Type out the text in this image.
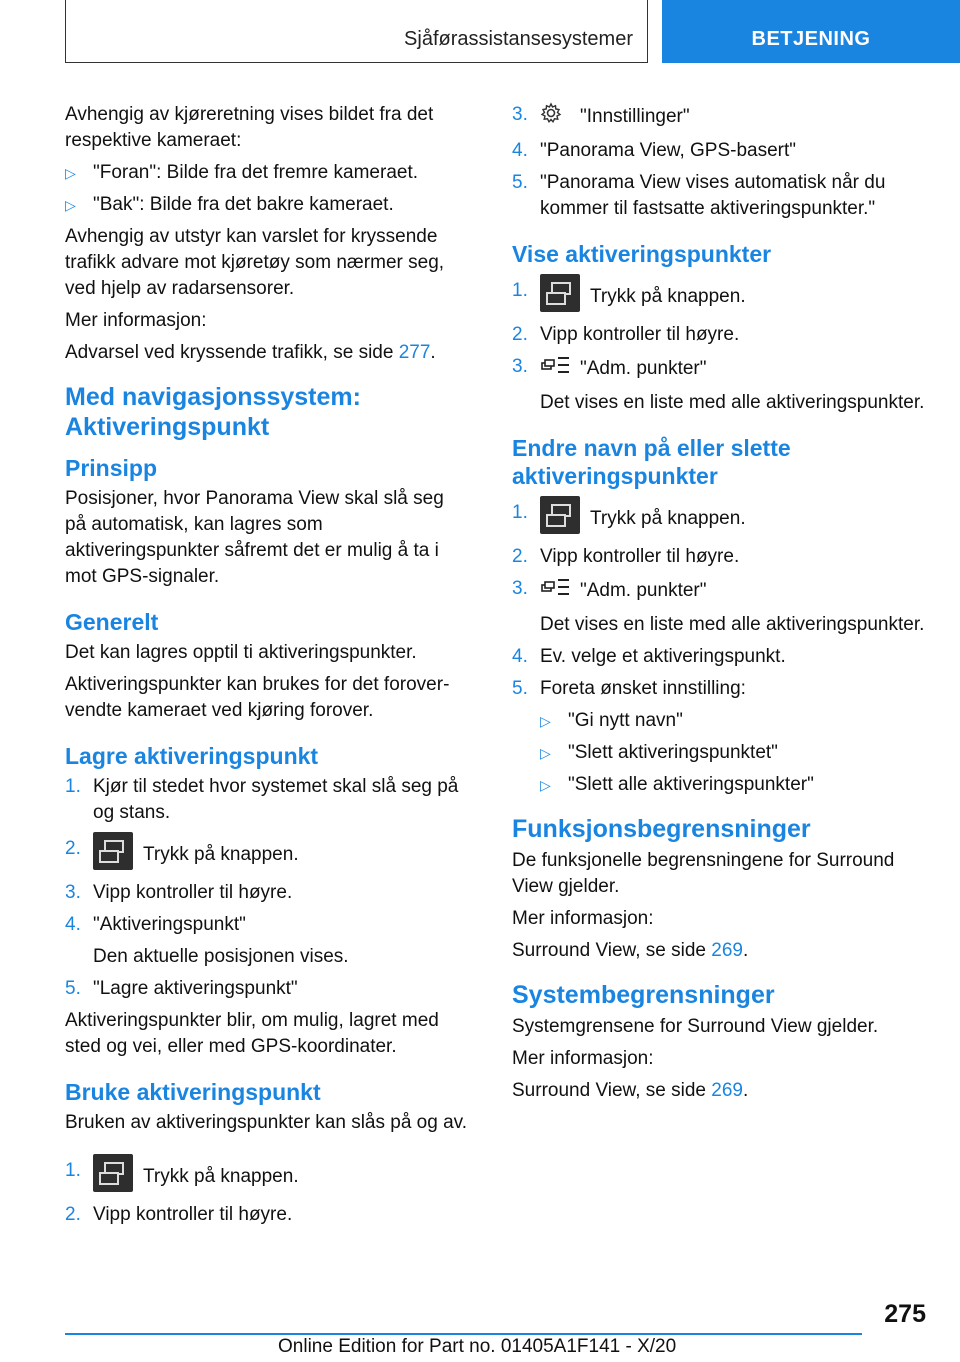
Sjåførassistansesystemer	BETJENING

Avhengig av kjøreretning vises bildet fra det respektive kameraet:

▷ "Foran": Bilde fra det fremre kameraet.
▷ "Bak": Bilde fra det bakre kameraet.

Avhengig av utstyr kan varslet for kryssende trafikk advare mot kjøretøy som nærmer seg, ved hjelp av radarsensorer.

Mer informasjon:

Advarsel ved kryssende trafikk, se side 277.

Med navigasjonssystem: Aktiveringspunkt
Prinsipp

Posisjoner, hvor Panorama View skal slå seg på automatisk, kan lagres som aktiveringspunkter såfremt det er mulig å ta i mot GPS-signaler.

Generelt

Det kan lagres opptil ti aktiveringspunkter.

Aktiveringspunkter kan brukes for det forovervendte kameraet ved kjøring forover.

Lagre aktiveringspunkt
1. Kjør til stedet hvor systemet skal slå seg på og stans.
2.	Trykk på knappen.
3. Vipp kontroller til høyre.
4. "Aktiveringspunkt"

Den aktuelle posisjonen vises.
5. "Lagre aktiveringspunkt"

Aktiveringspunkter blir, om mulig, lagret med sted og vei, eller med GPS-koordinater.

Bruke aktiveringspunkt

Bruken av aktiveringspunkter kan slås på og av.

1.	Trykk på knappen.
2. Vipp kontroller til høyre.
3.	"Innstillinger"
4. "Panorama View, GPS-basert"
5. "Panorama View vises automatisk når du kommer til fastsatte aktiveringspunkter."
Vise aktiveringspunkter
1.	Trykk på knappen.
2. Vipp kontroller til høyre.
3.	"Adm. punkter"
Det vises en liste med alle aktiveringspunkter.
Endre navn på eller slette aktiveringspunkter
1.	Trykk på knappen.
2. Vipp kontroller til høyre.
3.	"Adm. punkter"
Det vises en liste med alle aktiveringspunkter.
4. Ev. velge et aktiveringspunkt.
5. Foreta ønsket innstilling:
▷ "Gi nytt navn"
▷ "Slett aktiveringspunktet"
▷ "Slett alle aktiveringspunkter"
Funksjonsbegrensninger

De funksjonelle begrensningene for Surround View gjelder.

Mer informasjon:

Surround View, se side 269.

Systembegrensninger

Systemgrensene for Surround View gjelder.

Mer informasjon:

Surround View, se side 269.

275
Online Edition for Part no. 01405A1F141 - X/20
